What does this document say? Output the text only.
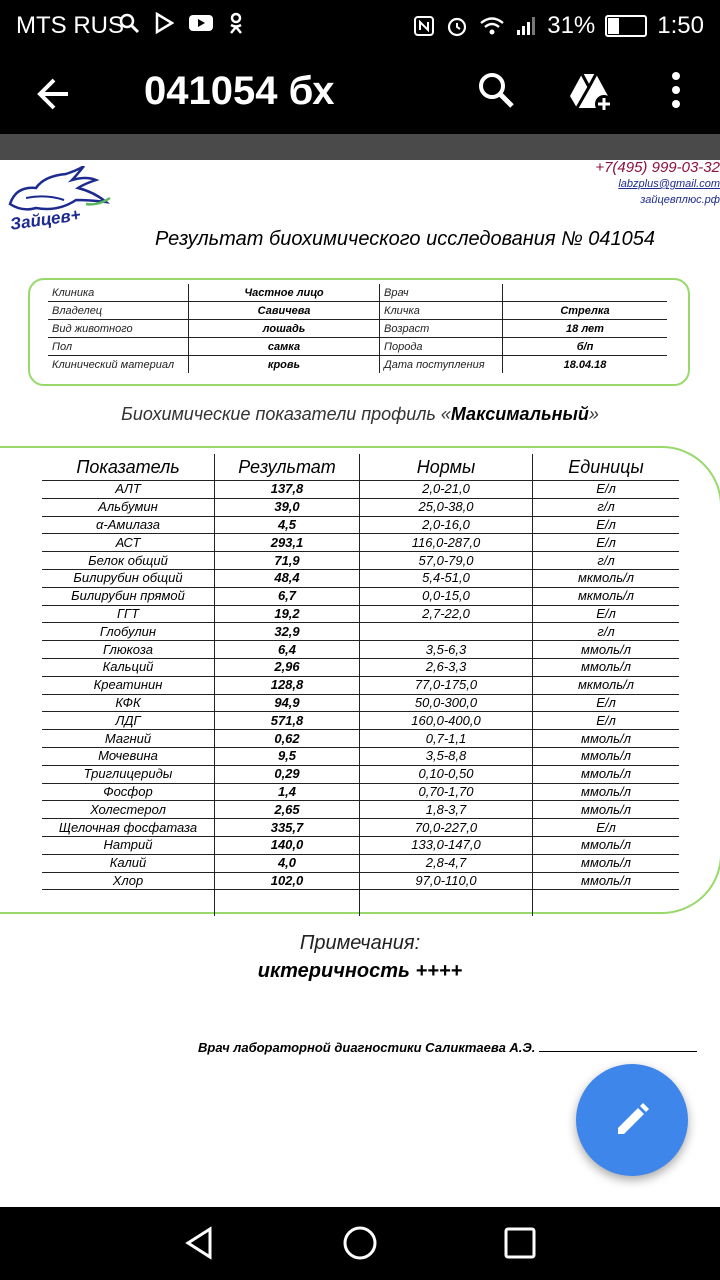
MTS RUS	31%	1:50
041054 бх
Зайцев+
+7(495) 999-03-32
labzplus@gmail.com
зайцевплюс.рф
Результат биохимического исследования № 041054
Клиника	Частное лицо	Врач	
Владелец	Савичева	Кличка	Стрелка
Вид животного	лошадь	Возраст	18 лет
Пол	самка	Порода	б/п
Клинический материал	кровь	Дата поступления	18.04.18
Биохимические показатели профиль «Максимальный»
Показатель	Результат	Нормы	Единицы
АЛТ	137,8	2,0-21,0	Е/л
Альбумин	39,0	25,0-38,0	г/л
α-Амилаза	4,5	2,0-16,0	Е/л
АСТ	293,1	116,0-287,0	Е/л
Белок общий	71,9	57,0-79,0	г/л
Билирубин общий	48,4	5,4-51,0	мкмоль/л
Билирубин прямой	6,7	0,0-15,0	мкмоль/л
ГГТ	19,2	2,7-22,0	Е/л
Глобулин	32,9		г/л
Глюкоза	6,4	3,5-6,3	ммоль/л
Кальций	2,96	2,6-3,3	ммоль/л
Креатинин	128,8	77,0-175,0	мкмоль/л
КФК	94,9	50,0-300,0	Е/л
ЛДГ	571,8	160,0-400,0	Е/л
Магний	0,62	0,7-1,1	ммоль/л
Мочевина	9,5	3,5-8,8	ммоль/л
Триглицериды	0,29	0,10-0,50	ммоль/л
Фосфор	1,4	0,70-1,70	ммоль/л
Холестерол	2,65	1,8-3,7	ммоль/л
Щелочная фосфатаза	335,7	70,0-227,0	Е/л
Натрий	140,0	133,0-147,0	ммоль/л
Калий	4,0	2,8-4,7	ммоль/л
Хлор	102,0	97,0-110,0	ммоль/л

Примечания:
иктеричность ++++
Врач лабораторной диагностики Саликтаева А.Э.
